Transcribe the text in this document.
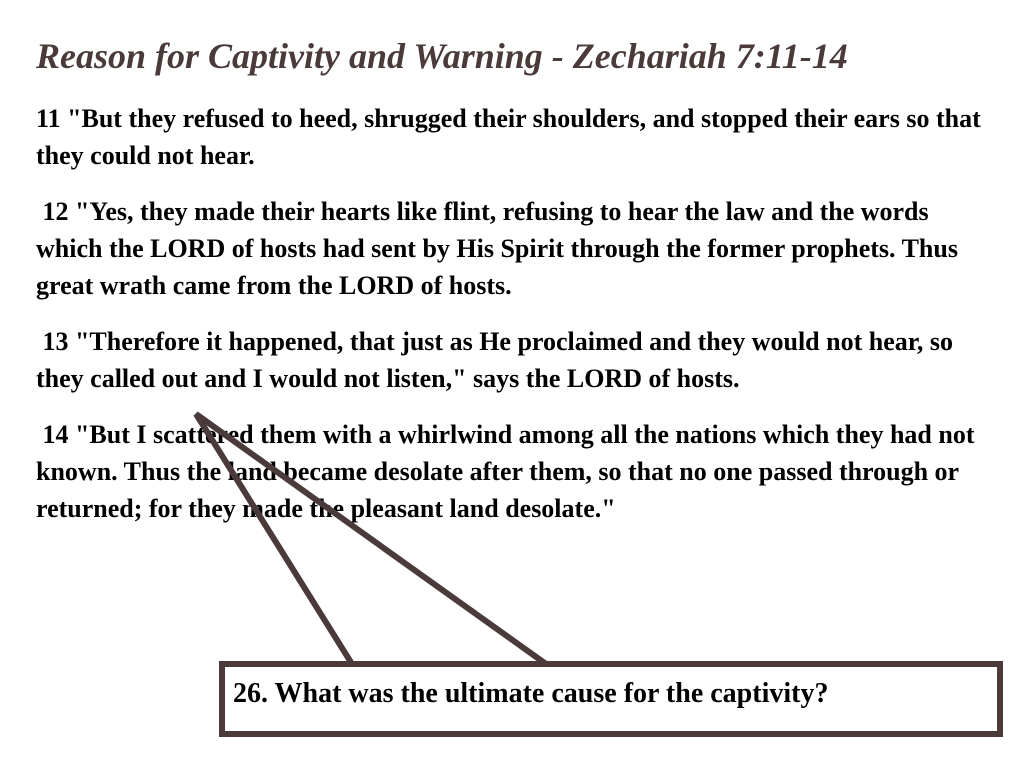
Reason for Captivity and Warning - Zechariah 7:11-14

11 "But they refused to heed, shrugged their shoulders, and stopped their ears so that they could not hear.

12 "Yes, they made their hearts like flint, refusing to hear the law and the words which the LORD of hosts had sent by His Spirit through the former prophets. Thus great wrath came from the LORD of hosts.

13 "Therefore it happened, that just as He proclaimed and they would not hear, so they called out and I would not listen," says the LORD of hosts.

14 "But I scattered them with a whirlwind among all the nations which they had not known. Thus the land became desolate after them, so that no one passed through or returned; for they made the pleasant land desolate."

26. What was the ultimate cause for the captivity?
